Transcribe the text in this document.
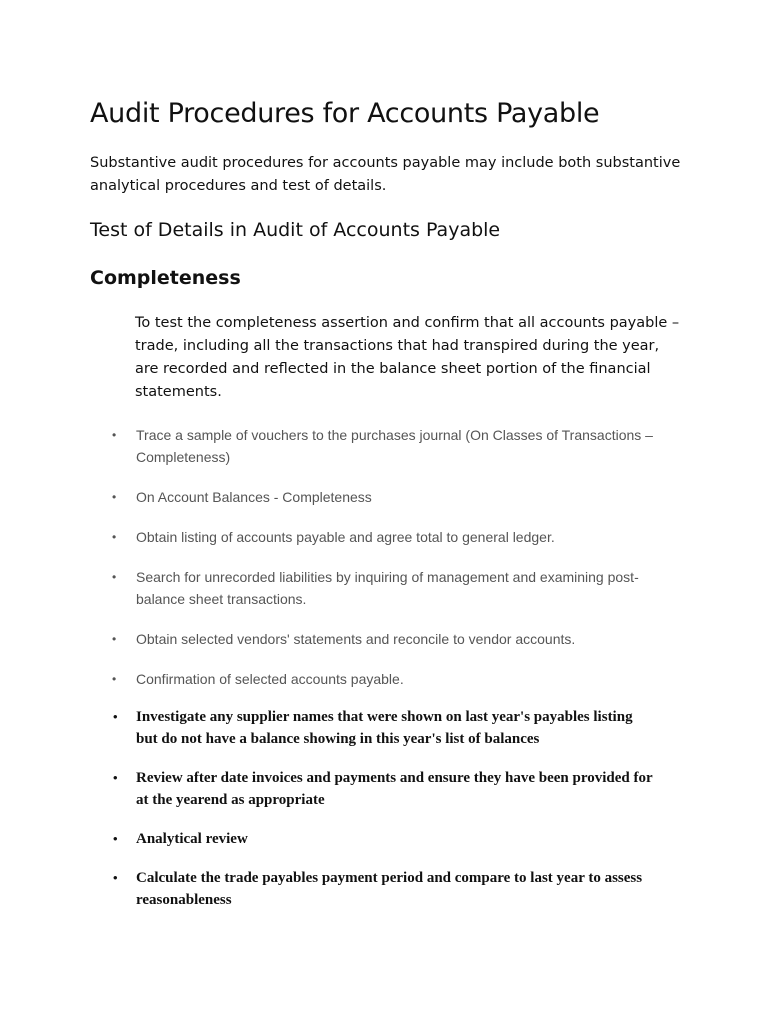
Audit Procedures for Accounts Payable

Substantive audit procedures for accounts payable may include both substantive analytical procedures and test of details.

Test of Details in Audit of Accounts Payable
Completeness

To test the completeness assertion and confirm that all accounts payable – trade, including all the transactions that had transpired during the year, are recorded and reflected in the balance sheet portion of the financial statements.

• Trace a sample of vouchers to the purchases journal (On Classes of Transactions – Completeness)
• On Account Balances - Completeness
• Obtain listing of accounts payable and agree total to general ledger.
• Search for unrecorded liabilities by inquiring of management and examining post-balance sheet transactions.
• Obtain selected vendors' statements and reconcile to vendor accounts.
• Confirmation of selected accounts payable.
• Investigate any supplier names that were shown on last year's payables listing but do not have a balance showing in this year's list of balances
• Review after date invoices and payments and ensure they have been provided for at the yearend as appropriate
• Analytical review
• Calculate the trade payables payment period and compare to last year to assess reasonableness
